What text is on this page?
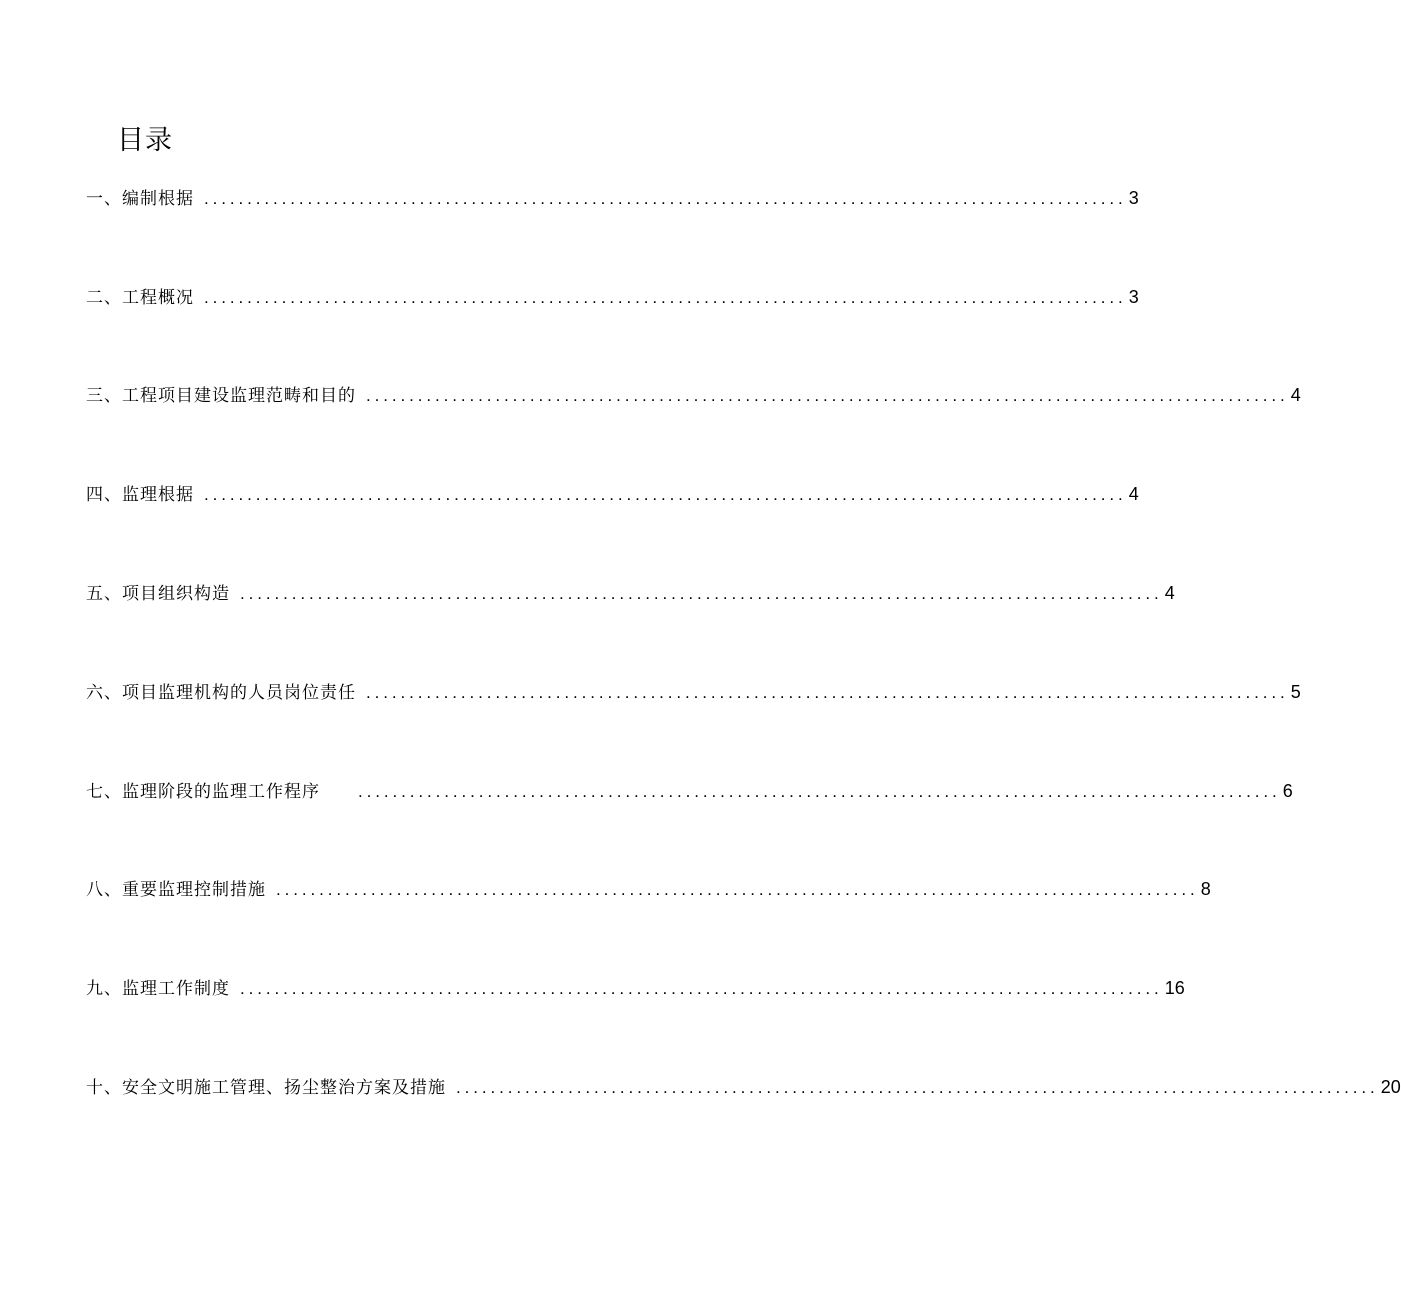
目录
一、编制根据 ........................................................................................................... 3
二、工程概况 ........................................................................................................... 3
三、工程项目建设监理范畴和目的 ........................................................................................................... 4
四、监理根据 ........................................................................................................... 4
五、项目组织构造 ........................................................................................................... 4
六、项目监理机构的人员岗位责任 ........................................................................................................... 5
七、监理阶段的监理工作程序	........................................................................................................... 6
八、重要监理控制措施 ........................................................................................................... 8
九、监理工作制度 ........................................................................................................... 16
十、安全文明施工管理、扬尘整治方案及措施 ........................................................................................................... 20
